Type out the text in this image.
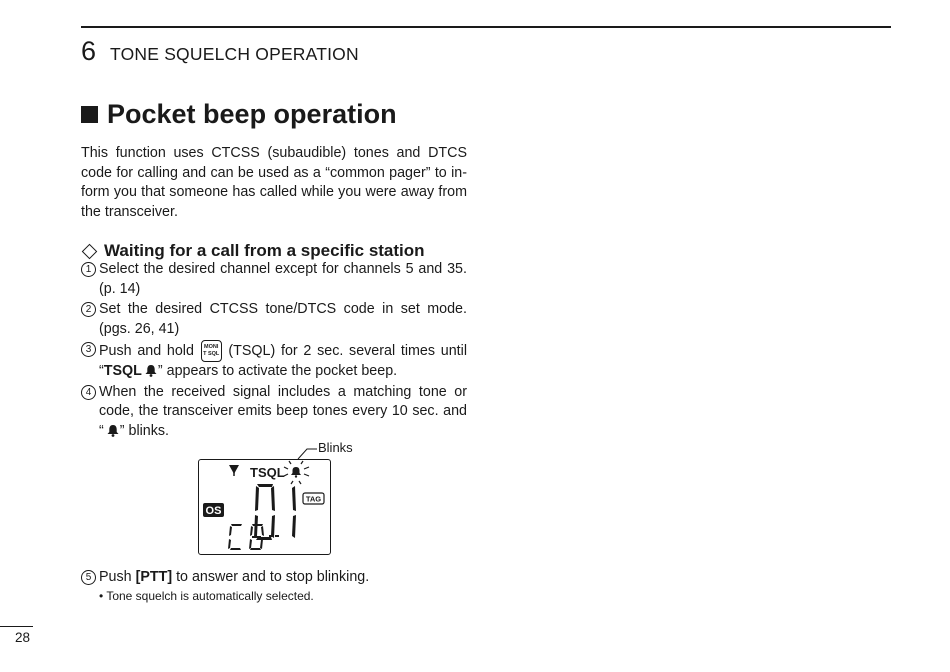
6 TONE SQUELCH OPERATION
Pocket beep operation

This function uses CTCSS (subaudible) tones and DTCS code for calling and can be used as a “common pager” to in-form you that someone has called while you were away from the transceiver.

Waiting for a call from a specific station
1 Select the desired channel except for channels 5 and 35. (p. 14)
2 Set the desired CTCSS tone/DTCS code in set mode. (pgs. 26, 41)
3 Push and hold MONI
T SQL (TSQL) for 2 sec. several times until “TSQL ” appears to activate the pocket beep.
4 When the received signal includes a matching tone or code, the transceiver emits beep tones every 10 sec. and “ ” blinks.
Blinks
TSQL
TAG
OS
5 Push [PTT] to answer and to stop blinking.
• Tone squelch is automatically selected.
28
